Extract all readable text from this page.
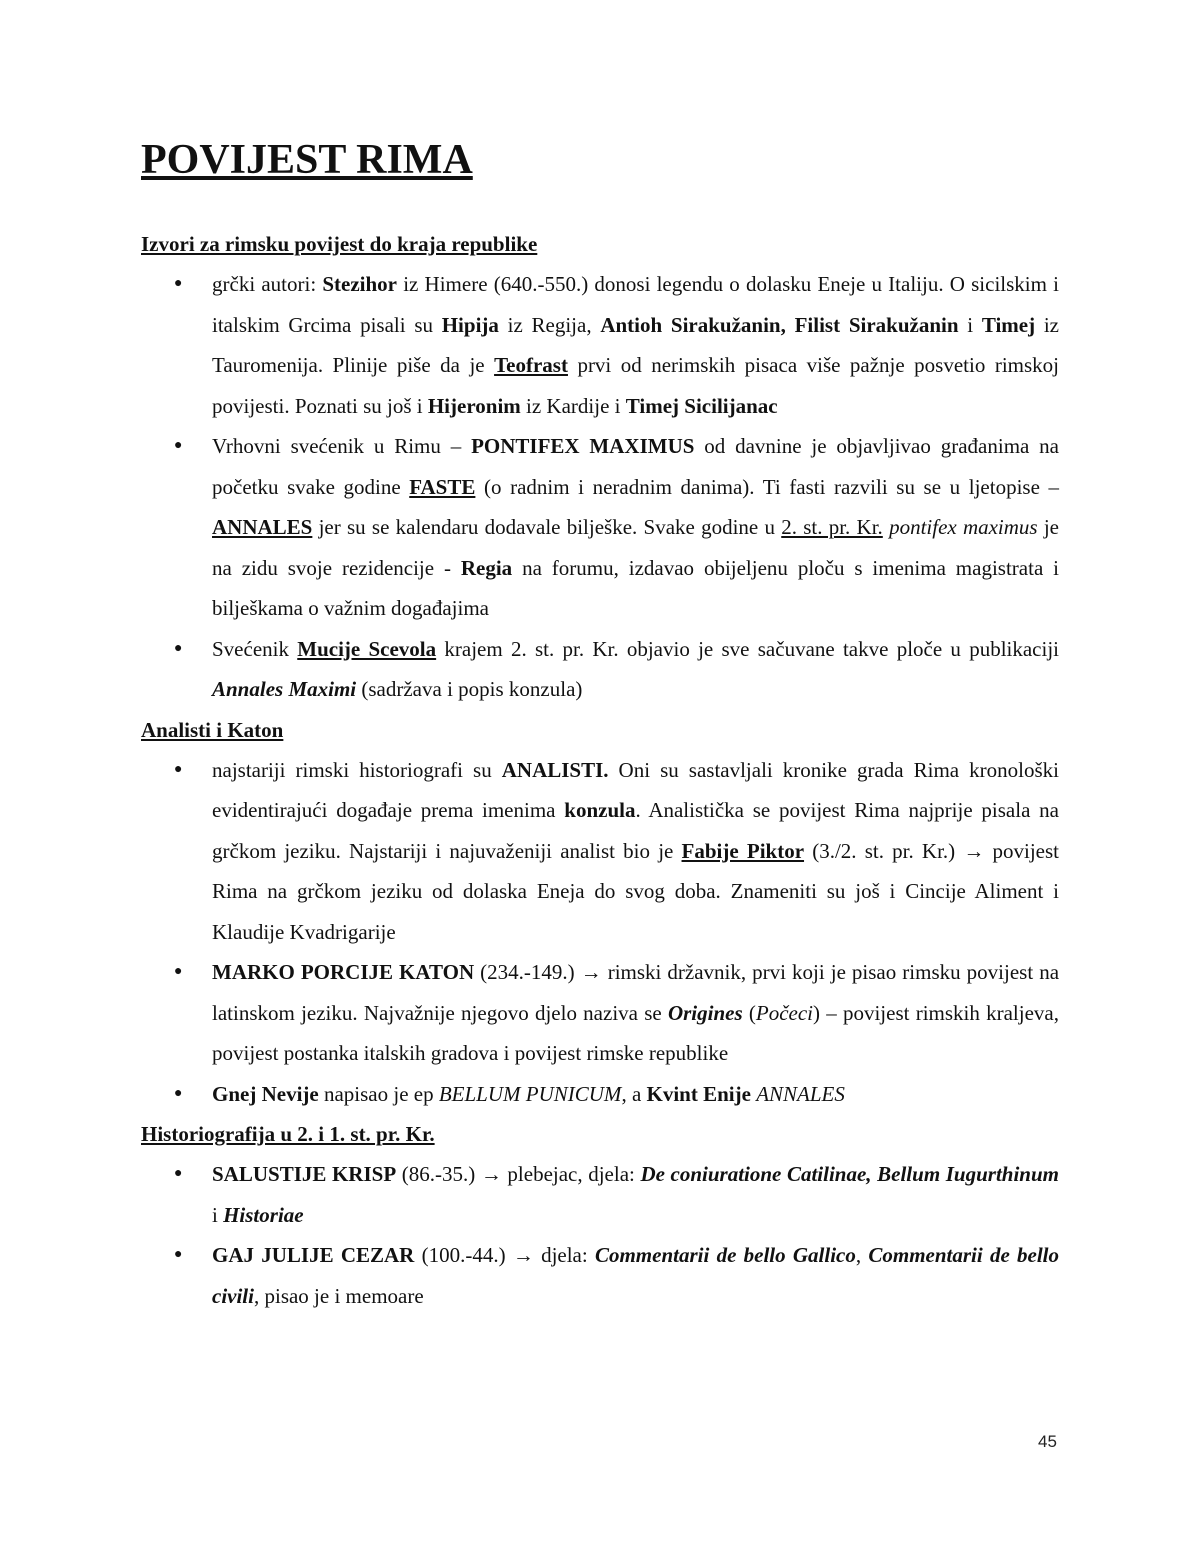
POVIJEST RIMA
Izvori za rimsku povijest do kraja republike
● grčki autori: Stezihor iz Himere (640.-550.) donosi legendu o dolasku Eneje u Italiju. O sicilskim i italskim Grcima pisali su Hipija iz Regija, Antioh Sirakužanin, Filist Sirakužanin i Timej iz Tauromenija. Plinije piše da je Teofrast prvi od nerimskih pisaca više pažnje posvetio rimskoj povijesti. Poznati su još i Hijeronim iz Kardije i Timej Sicilijanac
● Vrhovni svećenik u Rimu – PONTIFEX MAXIMUS od davnine je objavljivao građanima na početku svake godine FASTE (o radnim i neradnim danima). Ti fasti razvili su se u ljetopise – ANNALES jer su se kalendaru dodavale bilješke. Svake godine u 2. st. pr. Kr. pontifex maximus je na zidu svoje rezidencije - Regia na forumu, izdavao obijeljenu ploču s imenima magistrata i bilješkama o važnim događajima
● Svećenik Mucije Scevola krajem 2. st. pr. Kr. objavio je sve sačuvane takve ploče u publikaciji Annales Maximi (sadržava i popis konzula)
Analisti i Katon
● najstariji rimski historiografi su ANALISTI. Oni su sastavljali kronike grada Rima kronološki evidentirajući događaje prema imenima konzula. Analistička se povijest Rima najprije pisala na grčkom jeziku. Najstariji i najuvaženiji analist bio je Fabije Piktor (3./2. st. pr. Kr.) → povijest Rima na grčkom jeziku od dolaska Eneja do svog doba. Znameniti su još i Cincije Aliment i Klaudije Kvadrigarije
● MARKO PORCIJE KATON (234.-149.) → rimski državnik, prvi koji je pisao rimsku povijest na latinskom jeziku. Najvažnije njegovo djelo naziva se Origines (Počeci) – povijest rimskih kraljeva, povijest postanka italskih gradova i povijest rimske republike
● Gnej Nevije napisao je ep BELLUM PUNICUM, a Kvint Enije ANNALES
Historiografija u 2. i 1. st. pr. Kr.
● SALUSTIJE KRISP (86.-35.) → plebejac, djela: De coniuratione Catilinae, Bellum Iugurthinum i Historiae
● GAJ JULIJE CEZAR (100.-44.) → djela: Commentarii de bello Gallico, Commentarii de bello civili, pisao je i memoare
45
